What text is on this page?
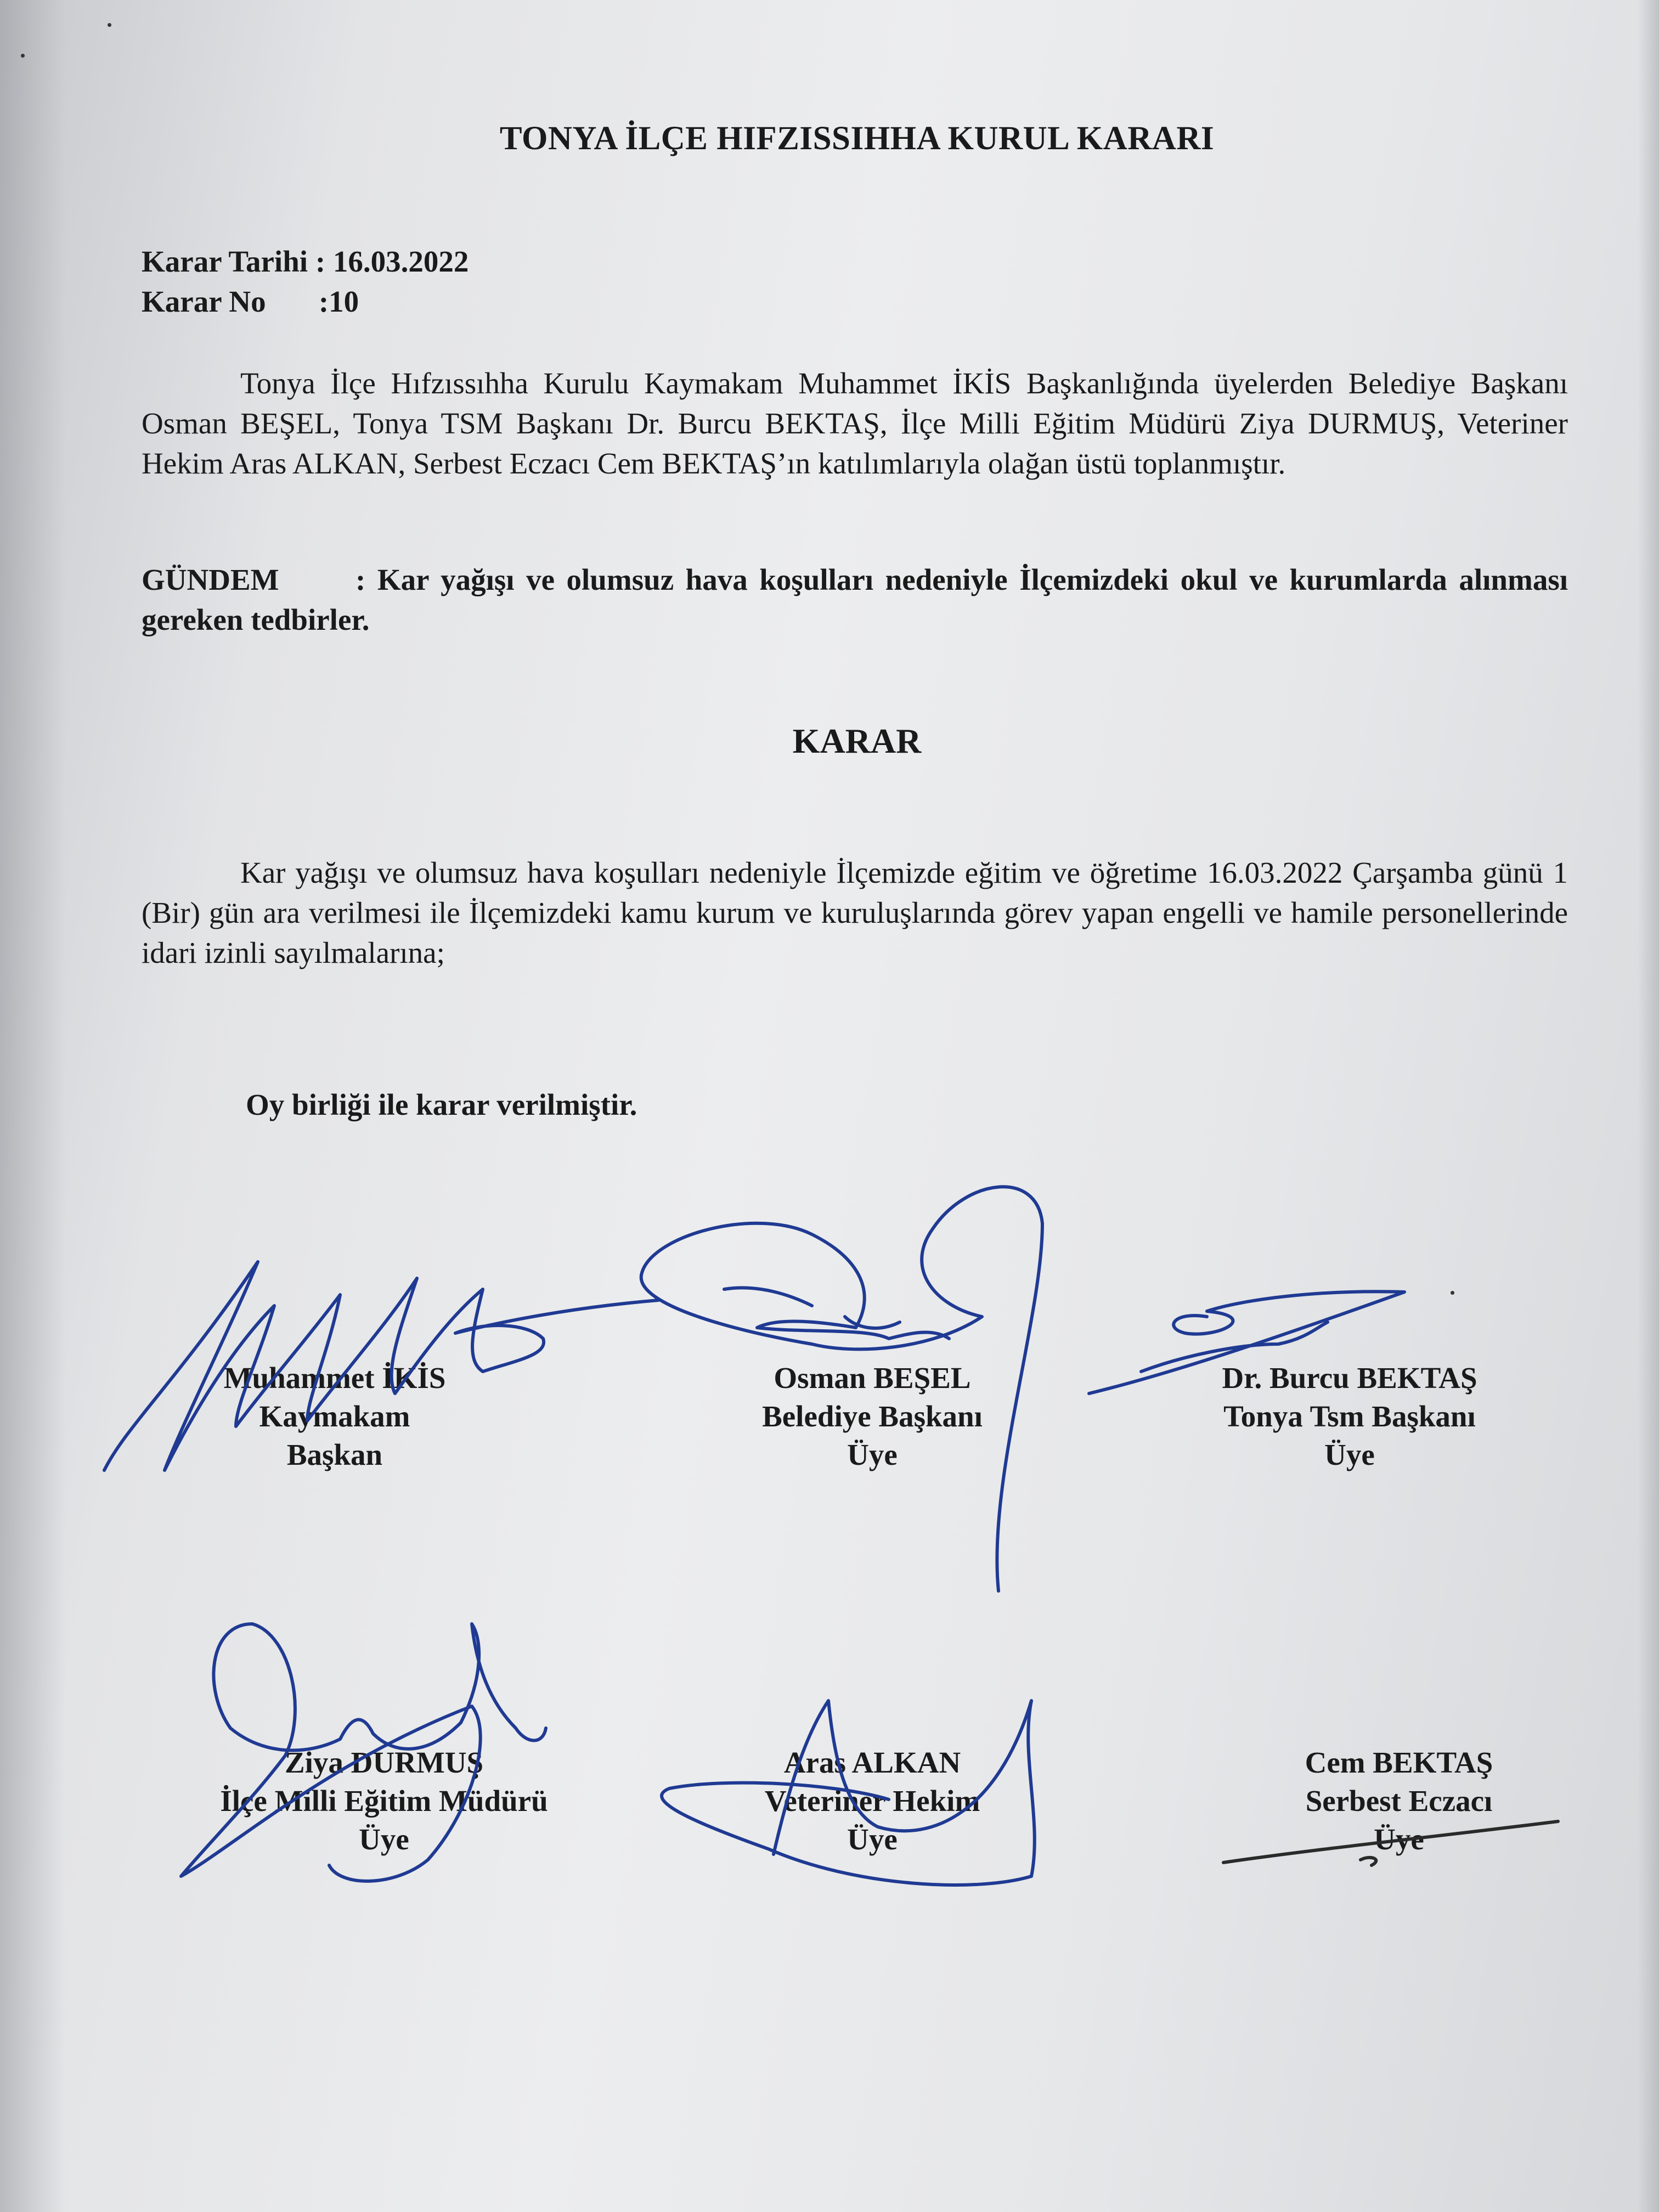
TONYA İLÇE HIFZISSIHHA KURUL KARARI
Karar Tarihi : 16.03.2022
Karar No       :10
Tonya İlçe Hıfzıssıhha Kurulu Kaymakam Muhammet İKİS Başkanlığında üyelerden Belediye Başkanı Osman BEŞEL, Tonya TSM Başkanı Dr. Burcu BEKTAŞ, İlçe Milli Eğitim Müdürü Ziya DURMUŞ, Veteriner Hekim Aras ALKAN, Serbest Eczacı Cem BEKTAŞ’ın katılımlarıyla olağan üstü toplanmıştır.
GÜNDEM	: Kar yağışı ve olumsuz hava koşulları nedeniyle İlçemizdeki okul ve kurumlarda alınması gereken tedbirler.
KARAR
Kar yağışı ve olumsuz hava koşulları nedeniyle İlçemizde eğitim ve öğretime 16.03.2022 Çarşamba günü 1 (Bir) gün ara verilmesi ile İlçemizdeki kamu kurum ve kuruluşlarında görev yapan engelli ve hamile personellerinde idari izinli sayılmalarına;
Oy birliği ile karar verilmiştir.
Muhammet İKİS
Kaymakam
Başkan
Osman BEŞEL
Belediye Başkanı
Üye
Dr. Burcu BEKTAŞ
Tonya Tsm Başkanı
Üye
Ziya DURMUŞ
İlçe Milli Eğitim Müdürü
Üye
Aras ALKAN
Veteriner Hekim
Üye
Cem BEKTAŞ
Serbest Eczacı
Üye
